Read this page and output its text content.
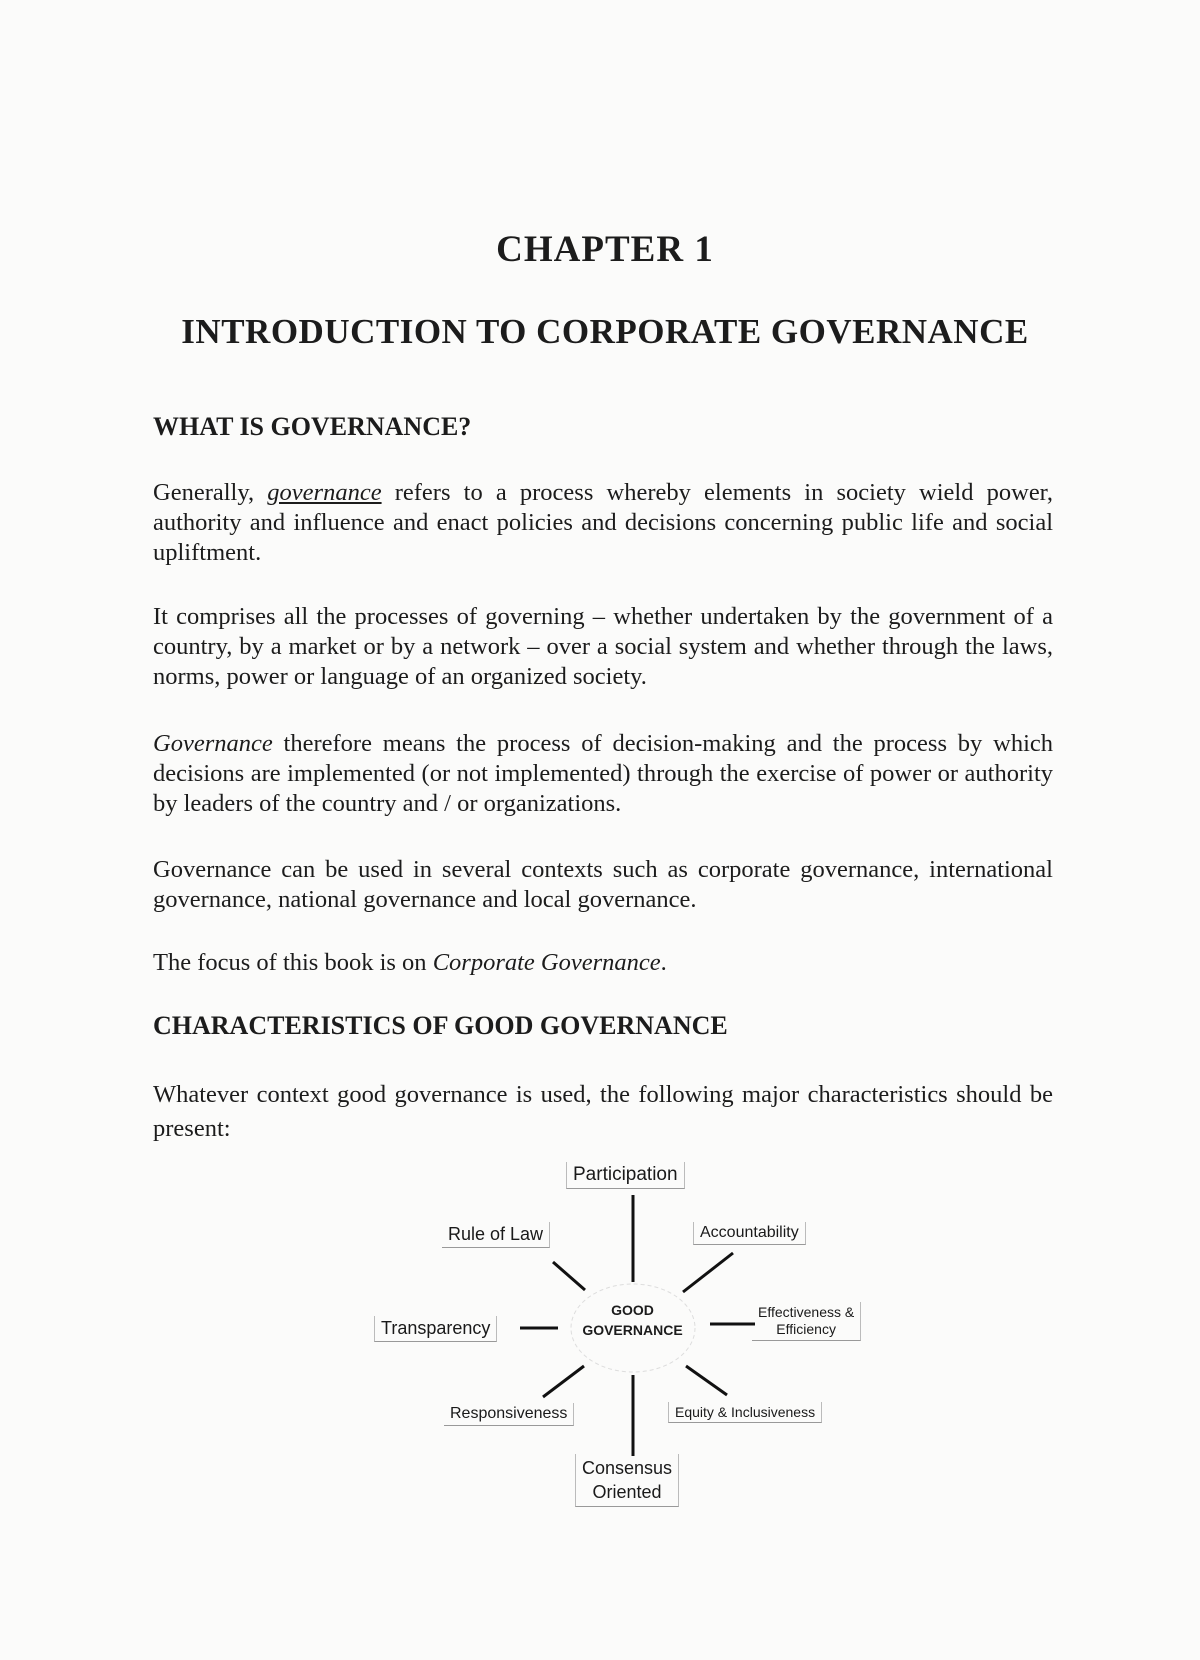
CHAPTER 1
INTRODUCTION TO CORPORATE GOVERNANCE
WHAT IS GOVERNANCE?

Generally, governance refers to a process whereby elements in society wield power, authority and influence and enact policies and decisions concerning public life and social upliftment.

It comprises all the processes of governing – whether undertaken by the government of a country, by a market or by a network – over a social system and whether through the laws, norms, power or language of an organized society.

Governance therefore means the process of decision-making and the process by which decisions are implemented (or not implemented) through the exercise of power or authority by leaders of the country and / or organizations.

Governance can be used in several contexts such as corporate governance, international governance, national governance and local governance.

The focus of this book is on Corporate Governance.

CHARACTERISTICS OF GOOD GOVERNANCE

Whatever context good governance is used, the following major characteristics should be present:

GOOD
GOVERNANCE
Participation
Rule of Law	Accountability
Transparency
Effectiveness &
Efficiency
Responsiveness	Equity & Inclusiveness
Consensus
Oriented
